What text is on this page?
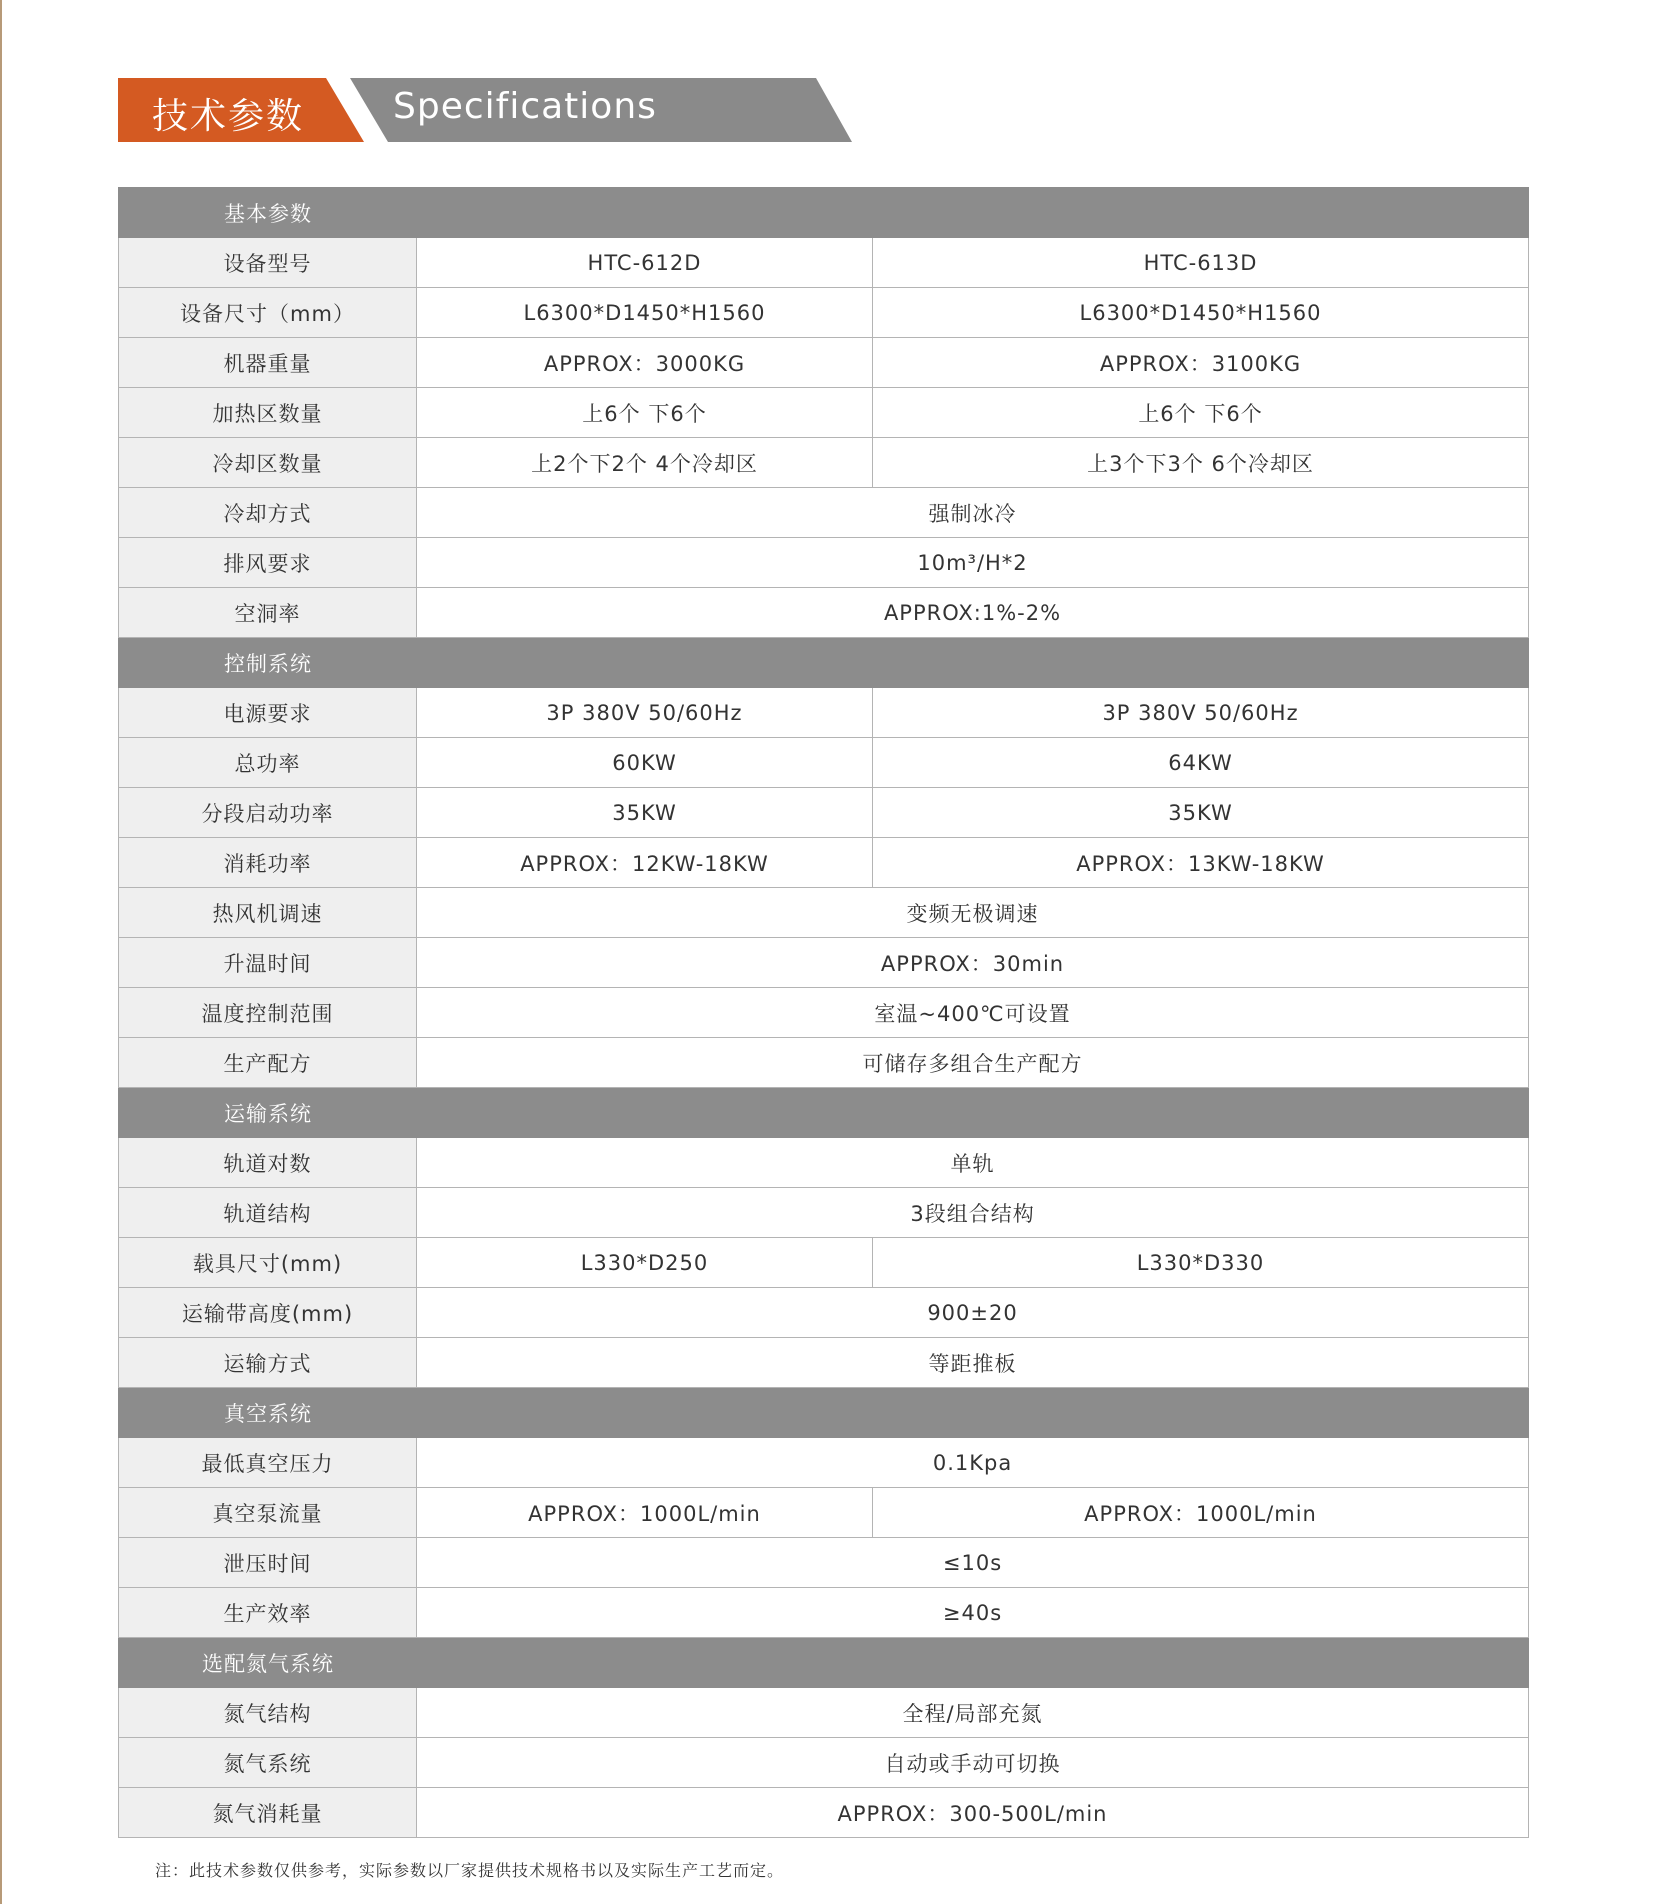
技术参数 Specifications
基本参数		
设备型号	HTC-612D	HTC-613D
设备尺寸（mm）	L6300*D1450*H1560	L6300*D1450*H1560
机器重量	APPROX：3000KG	APPROX：3100KG
加热区数量	上6个 下6个	上6个 下6个
冷却区数量	上2个下2个 4个冷却区	上3个下3个 6个冷却区
冷却方式	强制冰冷	
排风要求	10m³/H*2	
空洞率	APPROX:1%-2%	
控制系统		
电源要求	3P 380V 50/60Hz	3P 380V 50/60Hz
总功率	60KW	64KW
分段启动功率	35KW	35KW
消耗功率	APPROX：12KW-18KW	APPROX：13KW-18KW
热风机调速	变频无极调速	
升温时间	APPROX：30min	
温度控制范围	室温~400℃可设置	
生产配方	可储存多组合生产配方	
运输系统		
轨道对数	单轨	
轨道结构	3段组合结构	
载具尺寸(mm)	L330*D250	L330*D330
运输带高度(mm)	900±20	
运输方式	等距推板	
真空系统		
最低真空压力	0.1Kpa	
真空泵流量	APPROX：1000L/min	APPROX：1000L/min
泄压时间	≤10s	
生产效率	≥40s	
选配氮气系统		
氮气结构	全程/局部充氮	
氮气系统	自动或手动可切换	
氮气消耗量	APPROX：300-500L/min	
注：此技术参数仅供参考，实际参数以厂家提供技术规格书以及实际生产工艺而定。
